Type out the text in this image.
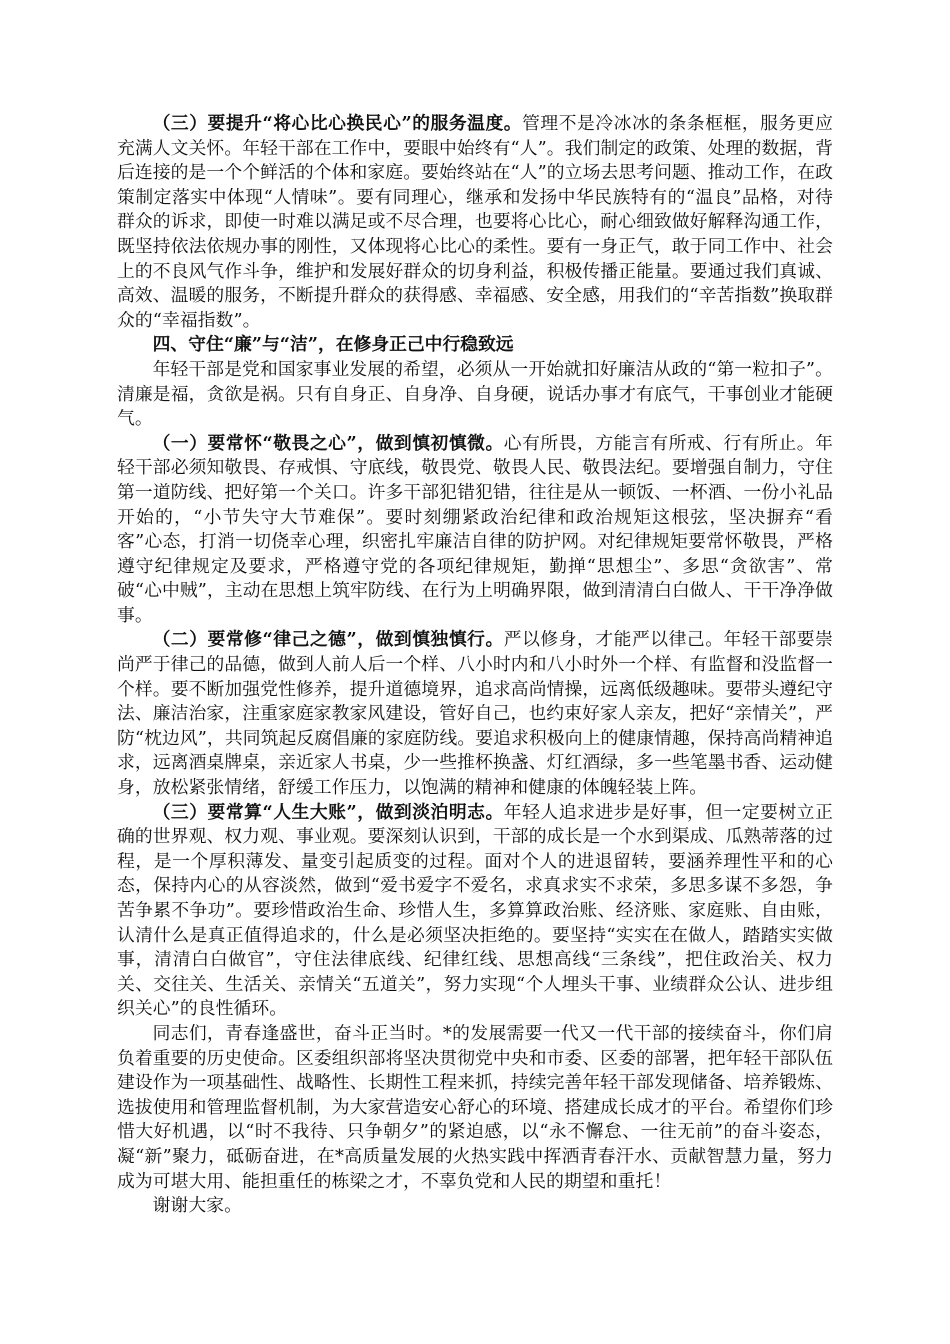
（三）要提升“将心比心换民心”的服务温度。管理不是冷冰冰的条条框框，服务更应充满人文关怀。年轻干部在工作中，要眼中始终有“人”。我们制定的政策、处理的数据，背后连接的是一个个鲜活的个体和家庭。要始终站在“人”的立场去思考问题、推动工作，在政策制定落实中体现“人情味”。要有同理心，继承和发扬中华民族特有的“温良”品格，对待群众的诉求，即使一时难以满足或不尽合理，也要将心比心，耐心细致做好解释沟通工作，既坚持依法依规办事的刚性，又体现将心比心的柔性。要有一身正气，敢于同工作中、社会上的不良风气作斗争，维护和发展好群众的切身利益，积极传播正能量。要通过我们真诚、高效、温暖的服务，不断提升群众的获得感、幸福感、安全感，用我们的“辛苦指数”换取群众的“幸福指数”。

四、守住“廉”与“洁”，在修身正己中行稳致远

年轻干部是党和国家事业发展的希望，必须从一开始就扣好廉洁从政的“第一粒扣子”。清廉是福，贪欲是祸。只有自身正、自身净、自身硬，说话办事才有底气，干事创业才能硬气。

（一）要常怀“敬畏之心”，做到慎初慎微。心有所畏，方能言有所戒、行有所止。年轻干部必须知敬畏、存戒惧、守底线，敬畏党、敬畏人民、敬畏法纪。要增强自制力，守住第一道防线、把好第一个关口。许多干部犯错犯错，往往是从一顿饭、一杯酒、一份小礼品开始的，“小节失守大节难保”。要时刻绷紧政治纪律和政治规矩这根弦，坚决摒弃“看客”心态，打消一切侥幸心理，织密扎牢廉洁自律的防护网。对纪律规矩要常怀敬畏，严格遵守纪律规定及要求，严格遵守党的各项纪律规矩，勤掸“思想尘”、多思“贪欲害”、常破“心中贼”，主动在思想上筑牢防线、在行为上明确界限，做到清清白白做人、干干净净做事。

（二）要常修“律己之德”，做到慎独慎行。严以修身，才能严以律己。年轻干部要崇尚严于律己的品德，做到人前人后一个样、八小时内和八小时外一个样、有监督和没监督一个样。要不断加强党性修养，提升道德境界，追求高尚情操，远离低级趣味。要带头遵纪守法、廉洁治家，注重家庭家教家风建设，管好自己，也约束好家人亲友，把好“亲情关”，严防“枕边风”，共同筑起反腐倡廉的家庭防线。要追求积极向上的健康情趣，保持高尚精神追求，远离酒桌牌桌，亲近家人书桌，少一些推杯换盏、灯红酒绿，多一些笔墨书香、运动健身，放松紧张情绪，舒缓工作压力，以饱满的精神和健康的体魄轻装上阵。

（三）要常算“人生大账”，做到淡泊明志。年轻人追求进步是好事，但一定要树立正确的世界观、权力观、事业观。要深刻认识到，干部的成长是一个水到渠成、瓜熟蒂落的过程，是一个厚积薄发、量变引起质变的过程。面对个人的进退留转，要涵养理性平和的心态，保持内心的从容淡然，做到“爱书爱字不爱名，求真求实不求荣，多思多谋不多怨，争苦争累不争功”。要珍惜政治生命、珍惜人生，多算算政治账、经济账、家庭账、自由账，认清什么是真正值得追求的，什么是必须坚决拒绝的。要坚持“实实在在做人，踏踏实实做事，清清白白做官”，守住法律底线、纪律红线、思想高线“三条线”，把住政治关、权力关、交往关、生活关、亲情关“五道关”，努力实现“个人埋头干事、业绩群众公认、进步组织关心”的良性循环。

同志们，青春逢盛世，奋斗正当时。*的发展需要一代又一代干部的接续奋斗，你们肩负着重要的历史使命。区委组织部将坚决贯彻党中央和市委、区委的部署，把年轻干部队伍建设作为一项基础性、战略性、长期性工程来抓，持续完善年轻干部发现储备、培养锻炼、选拔使用和管理监督机制，为大家营造安心舒心的环境、搭建成长成才的平台。希望你们珍惜大好机遇，以“时不我待、只争朝夕”的紧迫感，以“永不懈怠、一往无前”的奋斗姿态，凝“新”聚力，砥砺奋进，在*高质量发展的火热实践中挥洒青春汗水、贡献智慧力量，努力成为可堪大用、能担重任的栋梁之才，不辜负党和人民的期望和重托！

谢谢大家。
